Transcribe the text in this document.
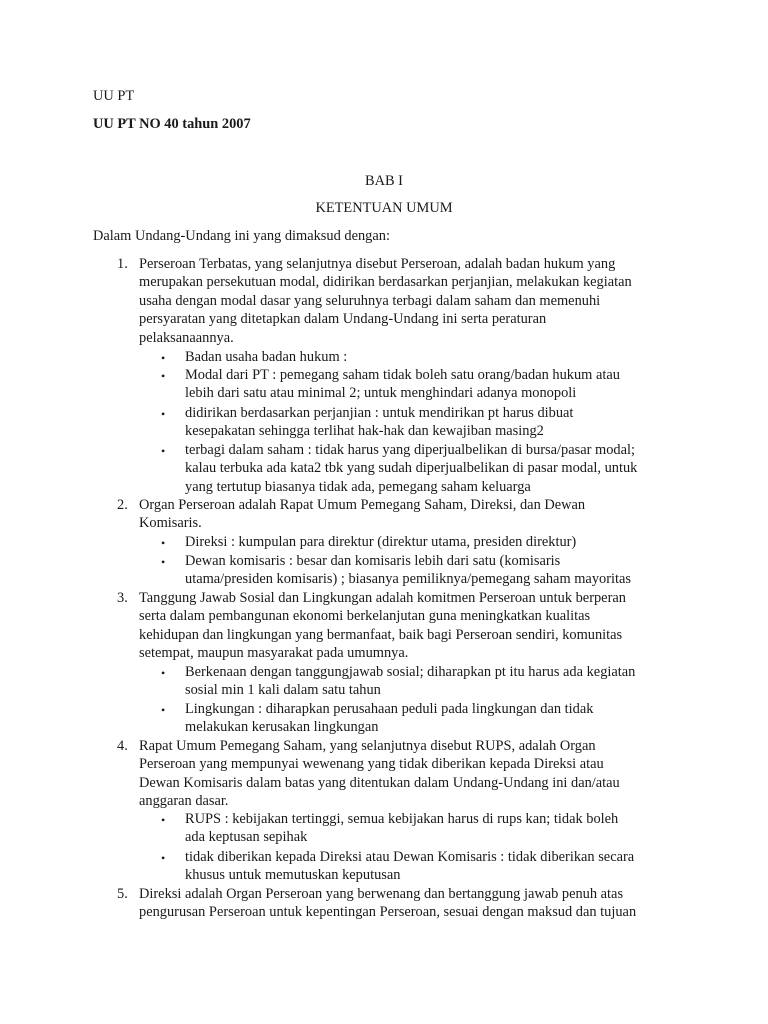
UU PT
UU PT NO 40 tahun 2007
BAB I
KETENTUAN UMUM
Dalam Undang-Undang ini yang dimaksud dengan:
1. Perseroan Terbatas, yang selanjutnya disebut Perseroan, adalah badan hukum yang
merupakan persekutuan modal, didirikan berdasarkan perjanjian, melakukan kegiatan
usaha dengan modal dasar yang seluruhnya terbagi dalam saham dan memenuhi
persyaratan yang ditetapkan dalam Undang-Undang ini serta peraturan
pelaksanaannya.
• Badan usaha badan hukum :
• Modal dari PT : pemegang saham tidak boleh satu orang/badan hukum atau
lebih dari satu atau minimal 2; untuk menghindari adanya monopoli
• didirikan berdasarkan perjanjian : untuk mendirikan pt harus dibuat
kesepakatan sehingga terlihat hak-hak dan kewajiban masing2
• terbagi dalam saham : tidak harus yang diperjualbelikan di bursa/pasar modal;
kalau terbuka ada kata2 tbk yang sudah diperjualbelikan di pasar modal, untuk
yang tertutup biasanya tidak ada, pemegang saham keluarga
2. Organ Perseroan adalah Rapat Umum Pemegang Saham, Direksi, dan Dewan
Komisaris.
• Direksi : kumpulan para direktur (direktur utama, presiden direktur)
• Dewan komisaris : besar dan komisaris lebih dari satu (komisaris
utama/presiden komisaris) ; biasanya pemiliknya/pemegang saham mayoritas
3. Tanggung Jawab Sosial dan Lingkungan adalah komitmen Perseroan untuk berperan
serta dalam pembangunan ekonomi berkelanjutan guna meningkatkan kualitas
kehidupan dan lingkungan yang bermanfaat, baik bagi Perseroan sendiri, komunitas
setempat, maupun masyarakat pada umumnya.
• Berkenaan dengan tanggungjawab sosial; diharapkan pt itu harus ada kegiatan
sosial min 1 kali dalam satu tahun
• Lingkungan : diharapkan perusahaan peduli pada lingkungan dan tidak
melakukan kerusakan lingkungan
4. Rapat Umum Pemegang Saham, yang selanjutnya disebut RUPS, adalah Organ
Perseroan yang mempunyai wewenang yang tidak diberikan kepada Direksi atau
Dewan Komisaris dalam batas yang ditentukan dalam Undang-Undang ini dan/atau
anggaran dasar.
• RUPS : kebijakan tertinggi, semua kebijakan harus di rups kan; tidak boleh
ada keptusan sepihak
• tidak diberikan kepada Direksi atau Dewan Komisaris : tidak diberikan secara
khusus untuk memutuskan keputusan
5. Direksi adalah Organ Perseroan yang berwenang dan bertanggung jawab penuh atas
pengurusan Perseroan untuk kepentingan Perseroan, sesuai dengan maksud dan tujuan
